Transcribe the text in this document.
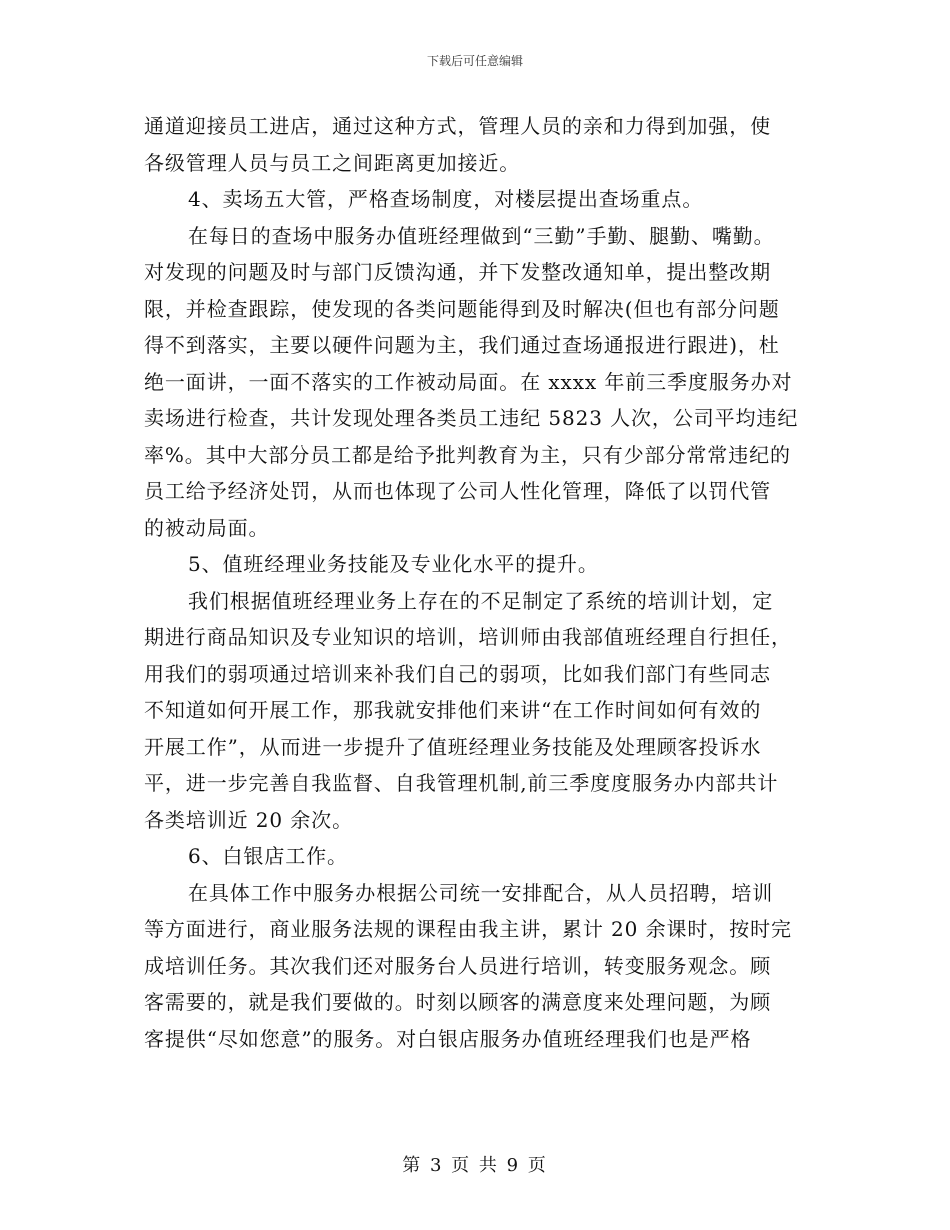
下载后可任意编辑
通道迎接员工进店，通过这种方式，管理人员的亲和力得到加强，使
各级管理人员与员工之间距离更加接近。
4、卖场五大管，严格查场制度，对楼层提出查场重点。
在每日的查场中服务办值班经理做到“三勤”手勤、腿勤、嘴勤。
对发现的问题及时与部门反馈沟通，并下发整改通知单，提出整改期
限，并检查跟踪，使发现的各类问题能得到及时解决(但也有部分问题
得不到落实，主要以硬件问题为主，我们通过查场通报进行跟进)，杜
绝一面讲，一面不落实的工作被动局面。在 xxxx 年前三季度服务办对
卖场进行检查，共计发现处理各类员工违纪 5823 人次，公司平均违纪
率%。其中大部分员工都是给予批判教育为主，只有少部分常常违纪的
员工给予经济处罚，从而也体现了公司人性化管理，降低了以罚代管
的被动局面。
5、值班经理业务技能及专业化水平的提升。
我们根据值班经理业务上存在的不足制定了系统的培训计划，定
期进行商品知识及专业知识的培训，培训师由我部值班经理自行担任，
用我们的弱项通过培训来补我们自己的弱项，比如我们部门有些同志
不知道如何开展工作，那我就安排他们来讲“在工作时间如何有效的
开展工作”，从而进一步提升了值班经理业务技能及处理顾客投诉水
平，进一步完善自我监督、自我管理机制,前三季度度服务办内部共计
各类培训近 20 余次。
6、白银店工作。
在具体工作中服务办根据公司统一安排配合，从人员招聘，培训
等方面进行，商业服务法规的课程由我主讲，累计 20 余课时，按时完
成培训任务。其次我们还对服务台人员进行培训，转变服务观念。顾
客需要的，就是我们要做的。时刻以顾客的满意度来处理问题，为顾
客提供“尽如您意”的服务。对白银店服务办值班经理我们也是严格
第 3 页 共 9 页
